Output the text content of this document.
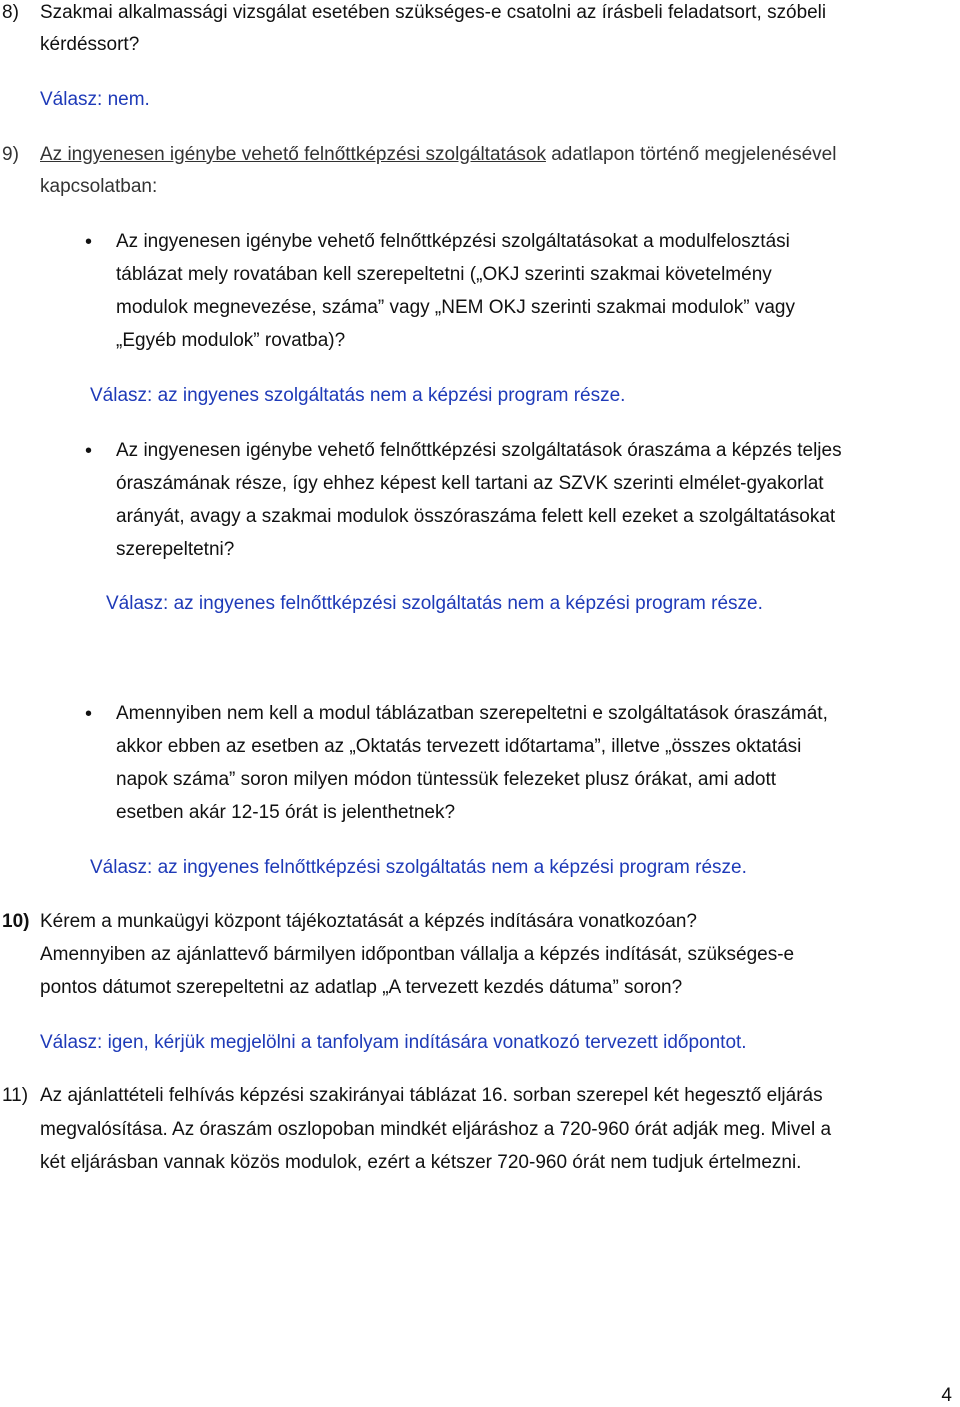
8) Szakmai alkalmassági vizsgálat esetében szükséges-e csatolni az írásbeli feladatsort, szóbeli
kérdéssort?
Válasz: nem.
9) Az ingyenesen igénybe vehető felnőttképzési szolgáltatások adatlapon történő megjelenésével
kapcsolatban:
• Az ingyenesen igénybe vehető felnőttképzési szolgáltatásokat a modulfelosztási
táblázat mely rovatában kell szerepeltetni („OKJ szerinti szakmai követelmény
modulok megnevezése, száma” vagy „NEM OKJ szerinti szakmai modulok” vagy
„Egyéb modulok” rovatba)?
Válasz: az ingyenes szolgáltatás nem a képzési program része.
• Az ingyenesen igénybe vehető felnőttképzési szolgáltatások óraszáma a képzés teljes
óraszámának része, így ehhez képest kell tartani az SZVK szerinti elmélet-gyakorlat
arányát, avagy a szakmai modulok összóraszáma felett kell ezeket a szolgáltatásokat
szerepeltetni?
Válasz: az ingyenes felnőttképzési szolgáltatás nem a képzési program része.
• Amennyiben nem kell a modul táblázatban szerepeltetni e szolgáltatások óraszámát,
akkor ebben az esetben az „Oktatás tervezett időtartama”, illetve „összes oktatási
napok száma” soron milyen módon tüntessük felezeket plusz órákat, ami adott
esetben akár 12-15 órát is jelenthetnek?
Válasz: az ingyenes felnőttképzési szolgáltatás nem a képzési program része.
10) Kérem a munkaügyi központ tájékoztatását a képzés indítására vonatkozóan?
Amennyiben az ajánlattevő bármilyen időpontban vállalja a képzés indítását, szükséges-e
pontos dátumot szerepeltetni az adatlap „A tervezett kezdés dátuma” soron?
Válasz: igen, kérjük megjelölni a tanfolyam indítására vonatkozó tervezett időpontot.
11) Az ajánlattételi felhívás képzési szakirányai táblázat 16. sorban szerepel két hegesztő eljárás
megvalósítása. Az óraszám oszlopoban mindkét eljáráshoz a 720-960 órát adják meg. Mivel a
két eljárásban vannak közös modulok, ezért a kétszer 720-960 órát nem tudjuk értelmezni.
4
